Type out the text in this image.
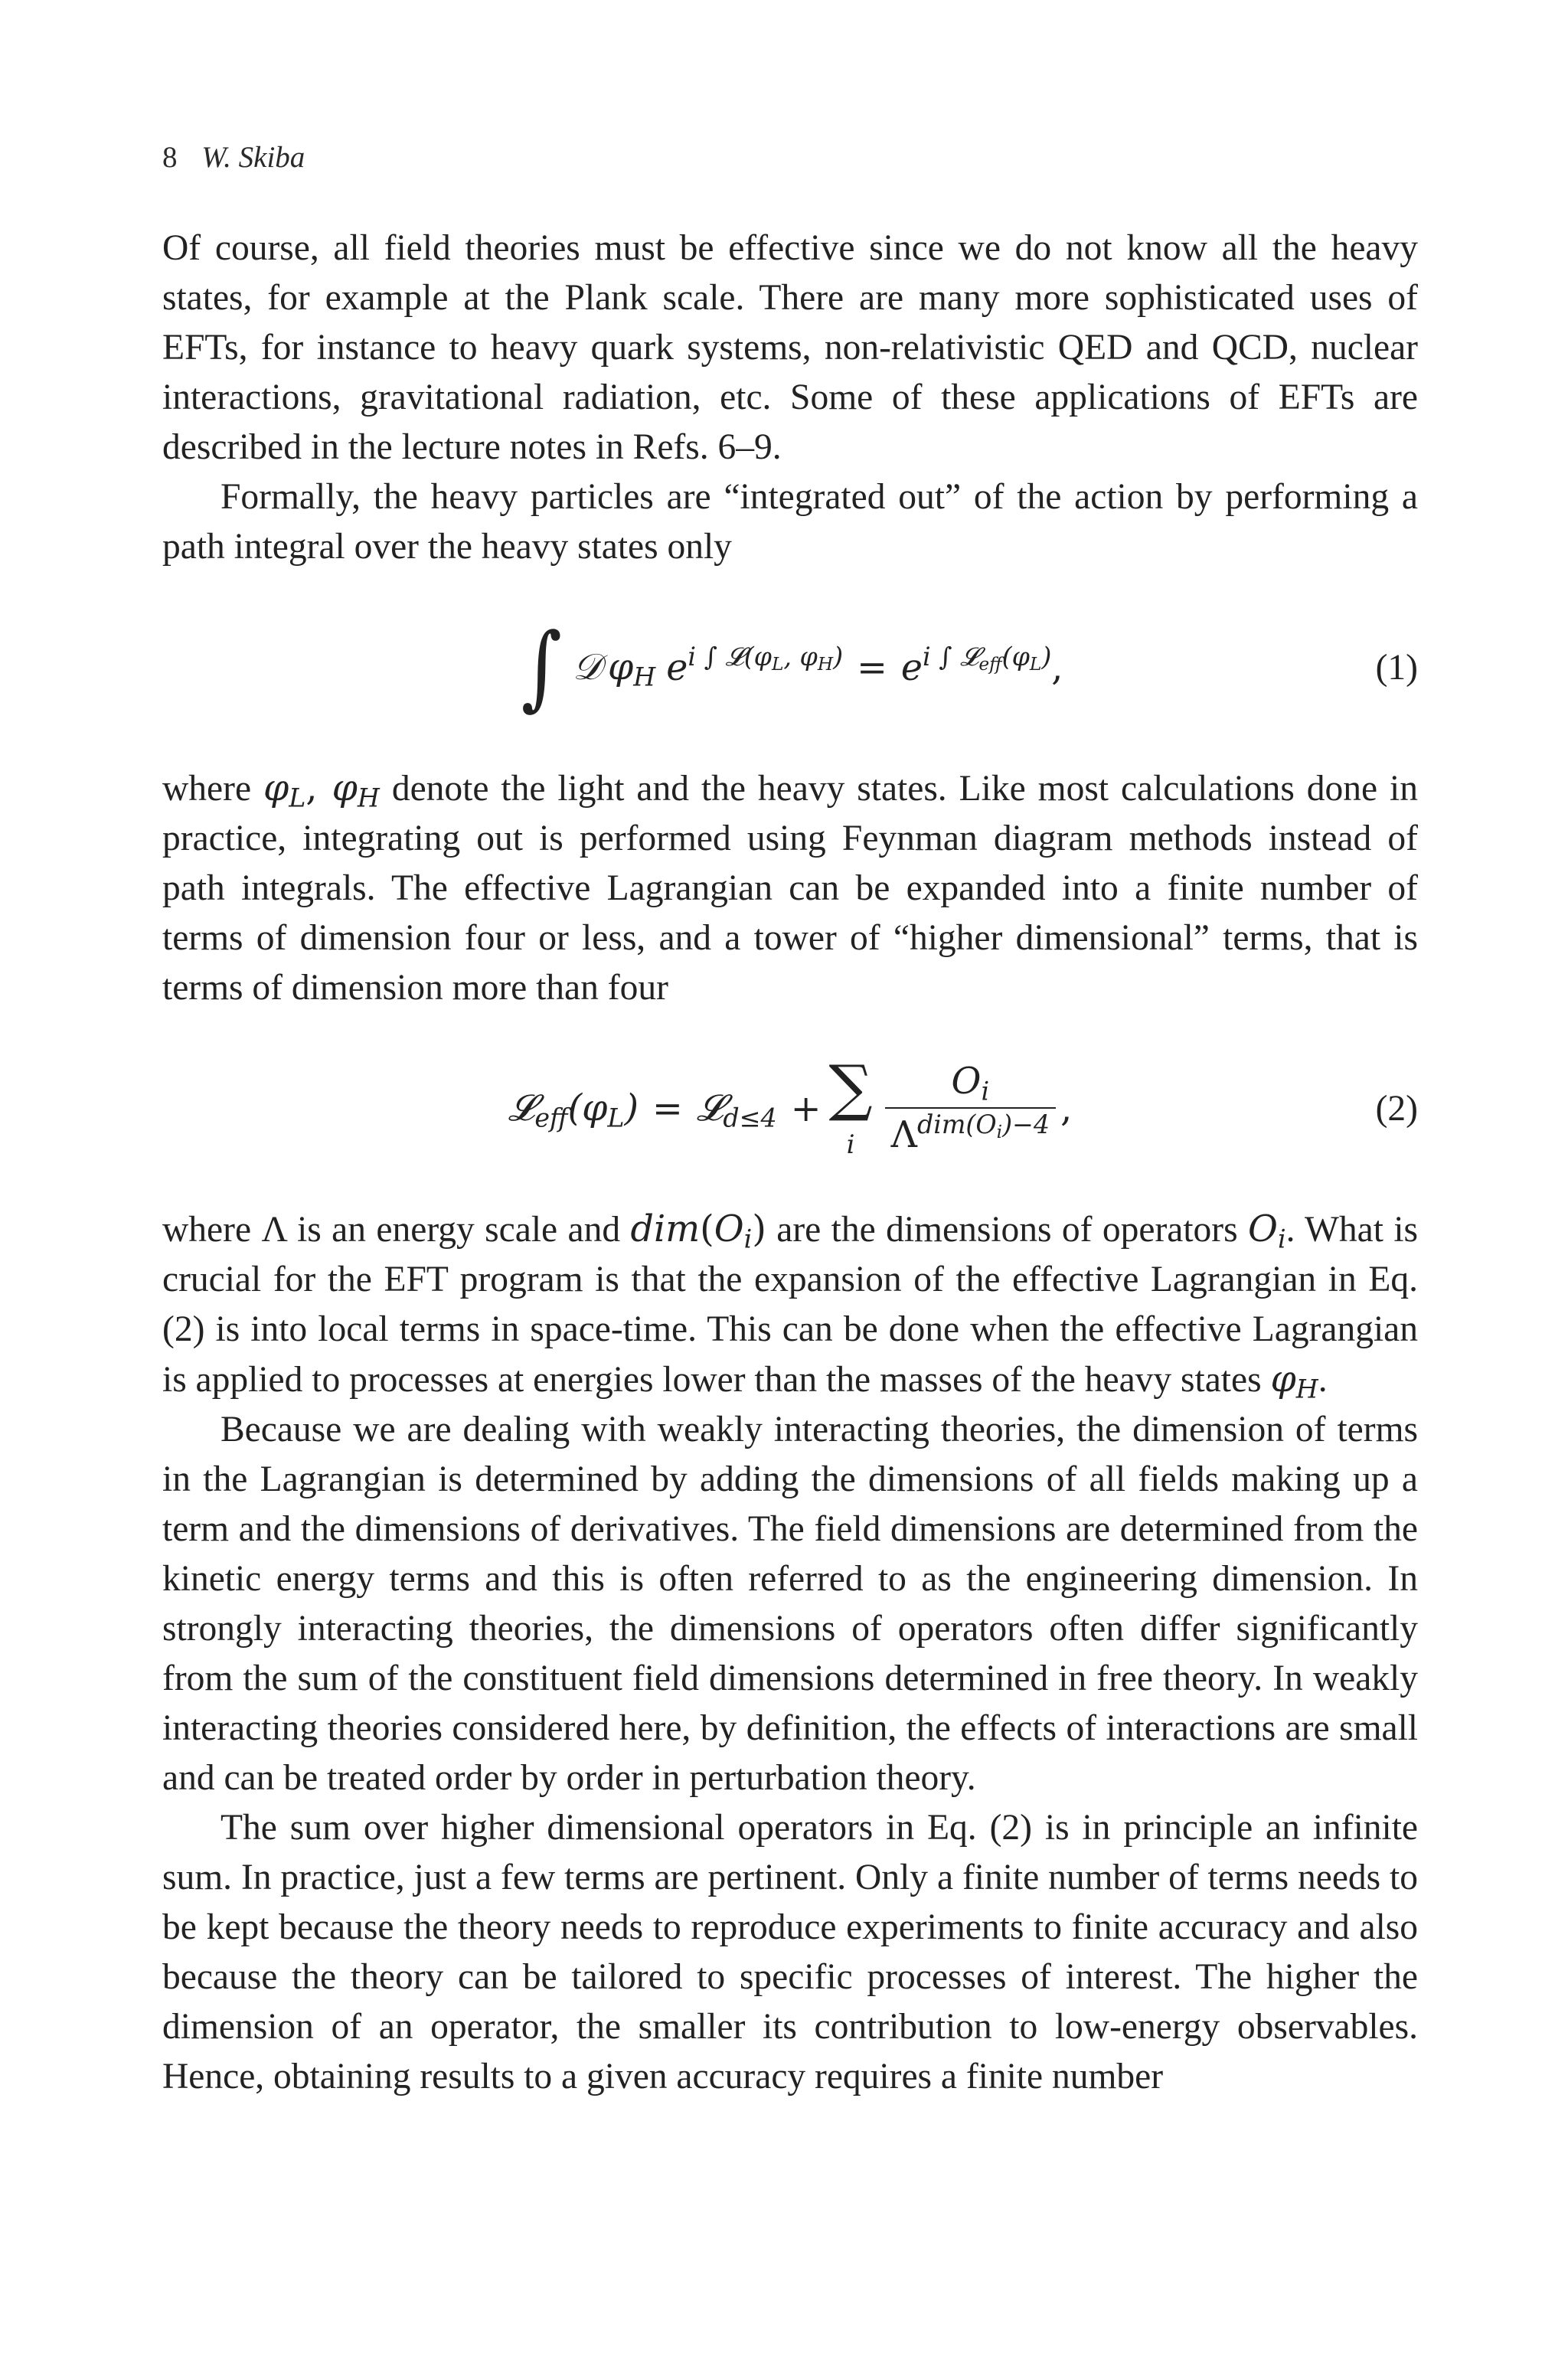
8 W. Skiba

Of course, all field theories must be effective since we do not know all the heavy states, for example at the Plank scale. There are many more sophisticated uses of EFTs, for instance to heavy quark systems, non-relativistic QED and QCD, nuclear interactions, gravitational radiation, etc. Some of these applications of EFTs are described in the lecture notes in Refs. 6–9.

Formally, the heavy particles are “integrated out” of the action by performing a path integral over the heavy states only

∫ 𝒟 $\varphi_H$ $e^{i \int 𝓛(\varphi_L, \varphi_H)} = e^{i \int 𝓛_{eff}(\varphi_L)}$ ,	(1)

where $\varphi_L$, $\varphi_H$ denote the light and the heavy states. Like most calculations done in practice, integrating out is performed using Feynman diagram methods instead of path integrals. The effective Lagrangian can be expanded into a finite number of terms of dimension four or less, and a tower of “higher dimensional” terms, that is terms of dimension more than four

$𝓛_{eff}(\varphi_L)$ = 𝓛$_{d\le 4}$ + ∑
i $\frac{O_i}{\Lambda^{dim(O_i)-4}}$ ,	(2)

where Λ is an energy scale and $dim(O_i)$ are the dimensions of operators $O_i$. What is crucial for the EFT program is that the expansion of the effective Lagrangian in Eq. (2) is into local terms in space-time. This can be done when the effective Lagrangian is applied to processes at energies lower than the masses of the heavy states $\varphi_H$.

Because we are dealing with weakly interacting theories, the dimension of terms in the Lagrangian is determined by adding the dimensions of all fields making up a term and the dimensions of derivatives. The field dimensions are determined from the kinetic energy terms and this is often referred to as the engineering dimension. In strongly interacting theories, the dimensions of operators often differ significantly from the sum of the constituent field dimensions determined in free theory. In weakly interacting theories considered here, by definition, the effects of interactions are small and can be treated order by order in perturbation theory.

The sum over higher dimensional operators in Eq. (2) is in principle an infinite sum. In practice, just a few terms are pertinent. Only a finite number of terms needs to be kept because the theory needs to reproduce experiments to finite accuracy and also because the theory can be tailored to specific processes of interest. The higher the dimension of an operator, the smaller its contribution to low-energy observables. Hence, obtaining results to a given accuracy requires a finite number
